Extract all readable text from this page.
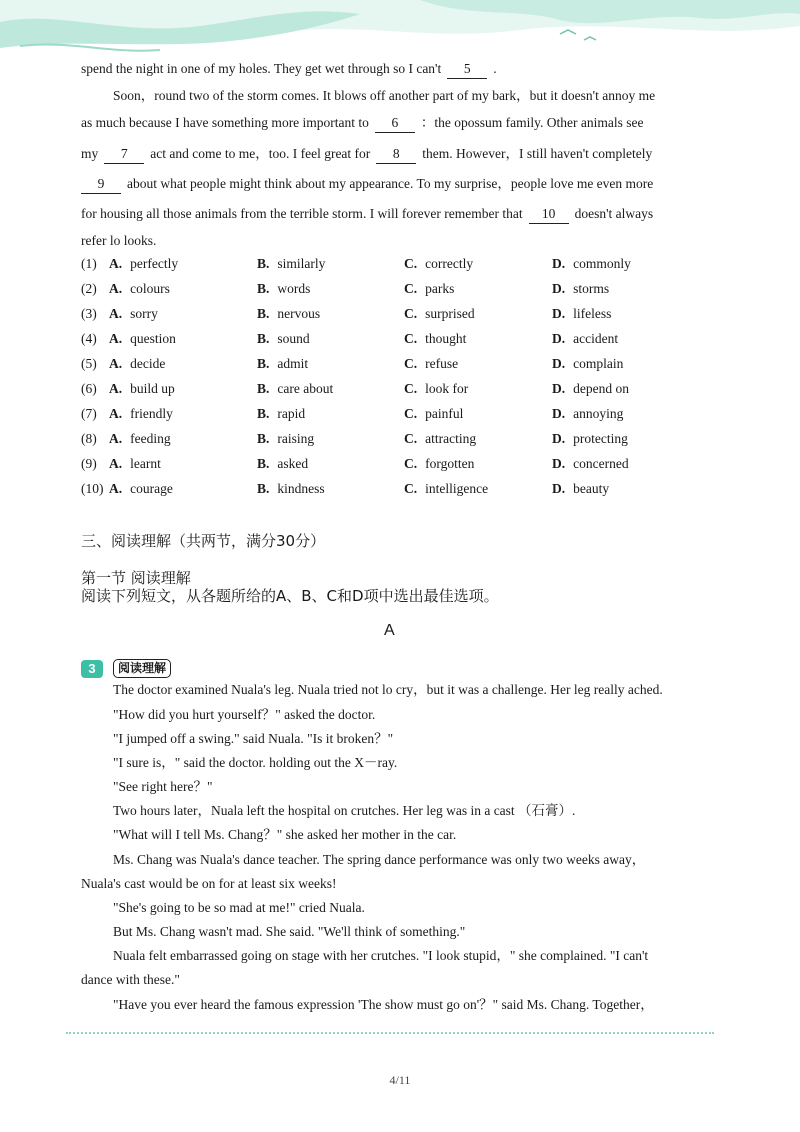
spend the night in one of my holes. They get wet through so I can't 5 .
Soon，round two of the storm comes. It blows off another part of my bark，but it doesn't annoy me
as much because I have something more important to 6 ：the opossum family. Other animals see
my 7 act and come to me，too. I feel great for 8 them. However，I still haven't completely
9 about what people might think about my appearance. To my surprise，people love me even more
for housing all those animals from the terrible storm. I will forever remember that 10 doesn't always
refer lo looks.
(1) A. perfectly	B. similarly	C. correctly	D. commonly
(2) A. colours	B. words	C. parks	D. storms
(3) A. sorry	B. nervous	C. surprised	D. lifeless
(4) A. question	B. sound	C. thought	D. accident
(5) A. decide	B. admit	C. refuse	D. complain
(6) A. build up	B. care about	C. look for	D. depend on
(7) A. friendly	B. rapid	C. painful	D. annoying
(8) A. feeding	B. raising	C. attracting	D. protecting
(9) A. learnt	B. asked	C. forgotten	D. concerned
(10) A. courage	B. kindness	C. intelligence	D. beauty
三、阅读理解（共两节，满分30分）
第一节 阅读理解
阅读下列短文，从各题所给的A、B、C和D项中选出最佳选项。
A
3	阅读理解
The doctor examined Nuala's leg. Nuala tried not lo cry，but it was a challenge. Her leg really ached.
"How did you hurt yourself？" asked the doctor.
"I jumped off a swing." said Nuala. "Is it broken？"
"I sure is，" said the doctor. holding out the X－ray.
"See right here？"
Two hours later，Nuala left the hospital on crutches. Her leg was in a cast （石膏）.
"What will I tell Ms. Chang？" she asked her mother in the car.
Ms. Chang was Nuala's dance teacher. The spring dance performance was only two weeks away，
Nuala's cast would be on for at least six weeks!
"She's going to be so mad at me!" cried Nuala.
But Ms. Chang wasn't mad. She said. "We'll think of something."
Nuala felt embarrassed going on stage with her crutches. "I look stupid，" she complained. "I can't
dance with these."
"Have you ever heard the famous expression 'The show must go on'？" said Ms. Chang. Together，
4/11
